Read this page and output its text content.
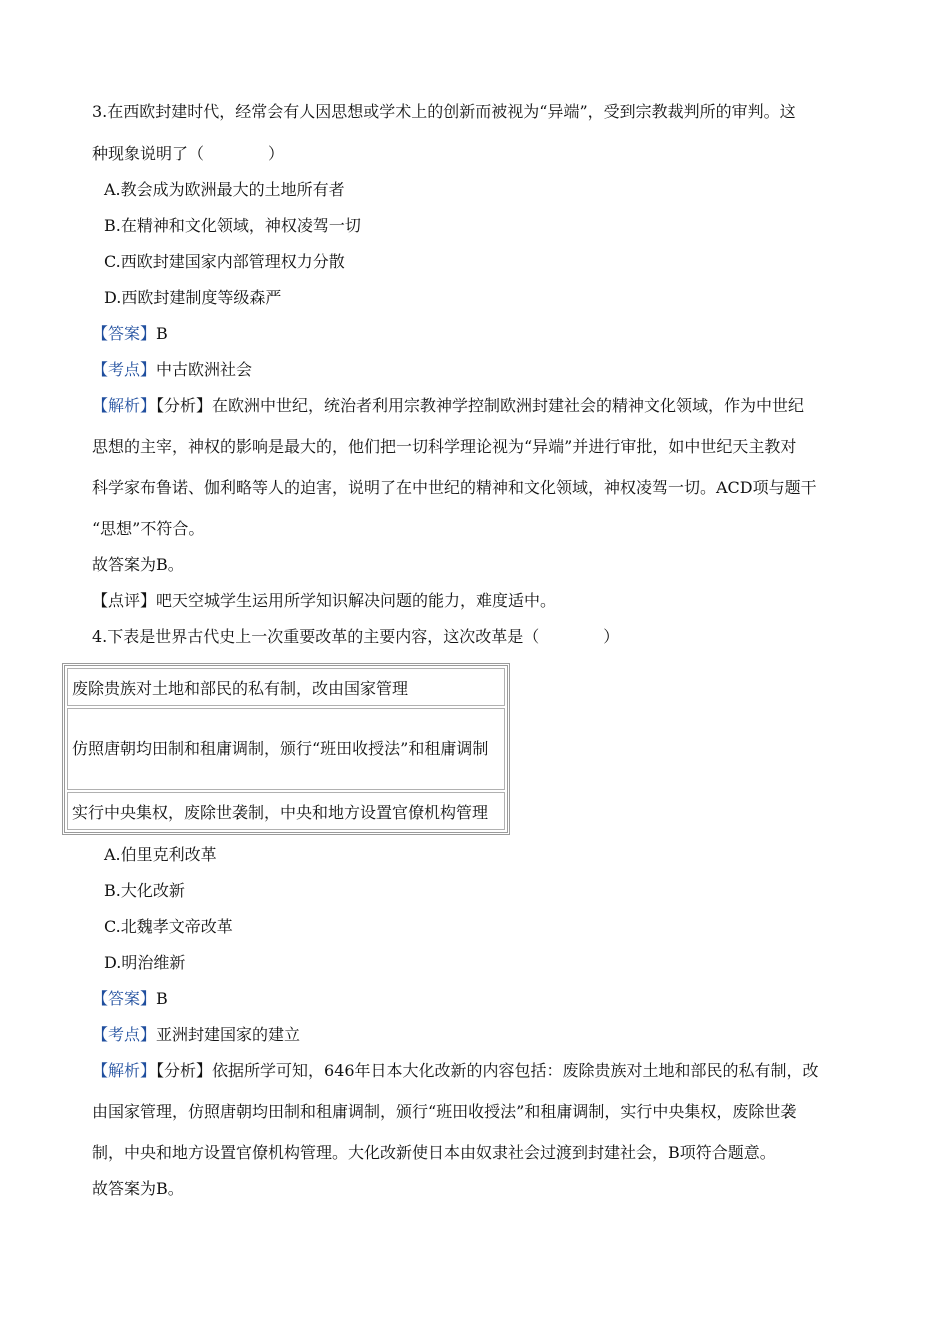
3.在西欧封建时代，经常会有人因思想或学术上的创新而被视为“异端”，受到宗教裁判所的审判。这
种现象说明了（　　　　）
A.教会成为欧洲最大的土地所有者
B.在精神和文化领域，神权凌驾一切
C.西欧封建国家内部管理权力分散
D.西欧封建制度等级森严
【答案】B
【考点】中古欧洲社会
【解析】【分析】在欧洲中世纪，统治者利用宗教神学控制欧洲封建社会的精神文化领域，作为中世纪
思想的主宰，神权的影响是最大的，他们把一切科学理论视为“异端”并进行审批，如中世纪天主教对
科学家布鲁诺、伽利略等人的迫害，说明了在中世纪的精神和文化领域，神权凌驾一切。ACD项与题干
“思想”不符合。
故答案为B。
【点评】吧天空城学生运用所学知识解决问题的能力，难度适中。
4.下表是世界古代史上一次重要改革的主要内容，这次改革是（　　　　）
废除贵族对土地和部民的私有制，改由国家管理
仿照唐朝均田制和租庸调制，颁行“班田收授法”和租庸调制
实行中央集权，废除世袭制，中央和地方设置官僚机构管理
A.伯里克利改革
B.大化改新
C.北魏孝文帝改革
D.明治维新
【答案】B
【考点】亚洲封建国家的建立
【解析】【分析】依据所学可知，646年日本大化改新的内容包括：废除贵族对土地和部民的私有制，改
由国家管理，仿照唐朝均田制和租庸调制，颁行“班田收授法”和租庸调制，实行中央集权，废除世袭
制，中央和地方设置官僚机构管理。大化改新使日本由奴隶社会过渡到封建社会，B项符合题意。
故答案为B。
